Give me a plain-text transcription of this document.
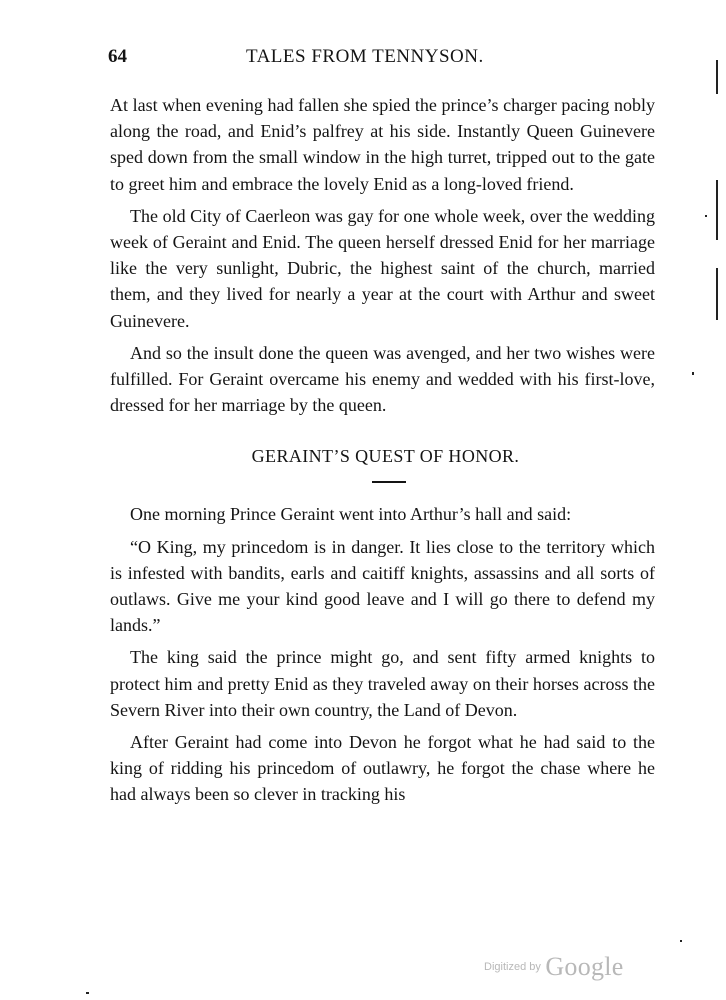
64	TALES FROM TENNYSON.

At last when evening had fallen she spied the prince’s charger pacing nobly along the road, and Enid’s palfrey at his side. Instantly Queen Guinevere sped down from the small window in the high turret, tripped out to the gate to greet him and embrace the lovely Enid as a long-loved friend.

The old City of Caerleon was gay for one whole week, over the wedding week of Geraint and Enid. The queen herself dressed Enid for her marriage like the very sunlight, Dubric, the highest saint of the church, married them, and they lived for nearly a year at the court with Arthur and sweet Guinevere.

And so the insult done the queen was avenged, and her two wishes were fulfilled. For Geraint overcame his enemy and wedded with his first-love, dressed for her marriage by the queen.

GERAINT’S QUEST OF HONOR.

One morning Prince Geraint went into Arthur’s hall and said:

“O King, my princedom is in danger. It lies close to the territory which is infested with bandits, earls and caitiff knights, assassins and all sorts of outlaws. Give me your kind good leave and I will go there to defend my lands.”

The king said the prince might go, and sent fifty armed knights to protect him and pretty Enid as they traveled away on their horses across the Severn River into their own country, the Land of Devon.

After Geraint had come into Devon he forgot what he had said to the king of ridding his princedom of outlawry, he forgot the chase where he had always been so clever in tracking his

Digitized by Google
